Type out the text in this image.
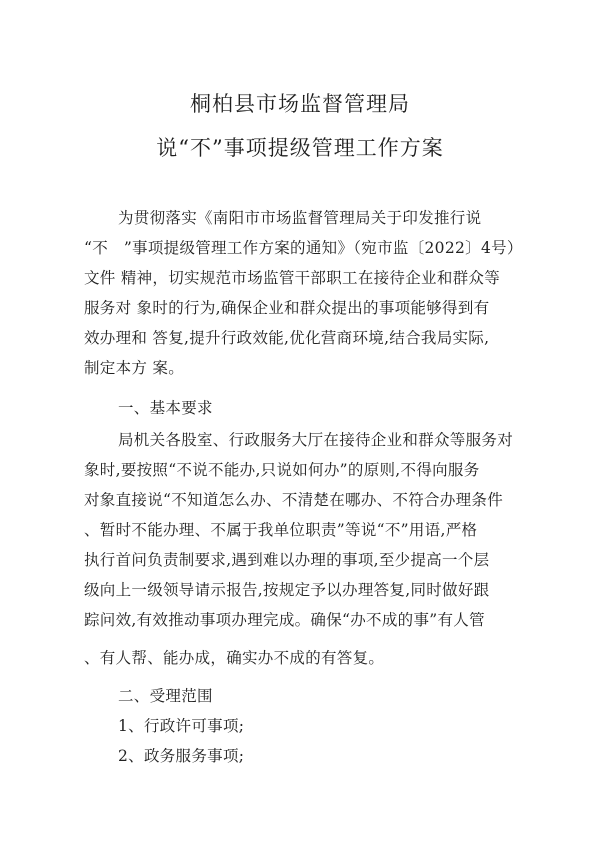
桐柏县市场监督管理局
说“不”事项提级管理工作方案
为贯彻落实《南阳市市场监督管理局关于印发推行说
“不　”事项提级管理工作方案的通知》（宛市监〔2022〕4号）
文件 精神，切实规范市场监管干部职工在接待企业和群众等
服务对 象时的行为,确保企业和群众提出的事项能够得到有
效办理和 答复,提升行政效能,优化营商环境,结合我局实际,
制定本方 案。
一、基本要求
局机关各股室、行政服务大厅在接待企业和群众等服务对
象时,要按照“不说不能办,只说如何办”的原则,不得向服务
对象直接说“不知道怎么办、不清楚在哪办、不符合办理条件
、暂时不能办理、不属于我单位职责”等说“不”用语,严格
执行首问负责制要求,遇到难以办理的事项,至少提高一个层
级向上一级领导请示报告,按规定予以办理答复,同时做好跟
踪问效,有效推动事项办理完成。确保“办不成的事”有人管
、有人帮、能办成，确实办不成的有答复。
二、受理范围
1、行政许可事项;
2、政务服务事项;
